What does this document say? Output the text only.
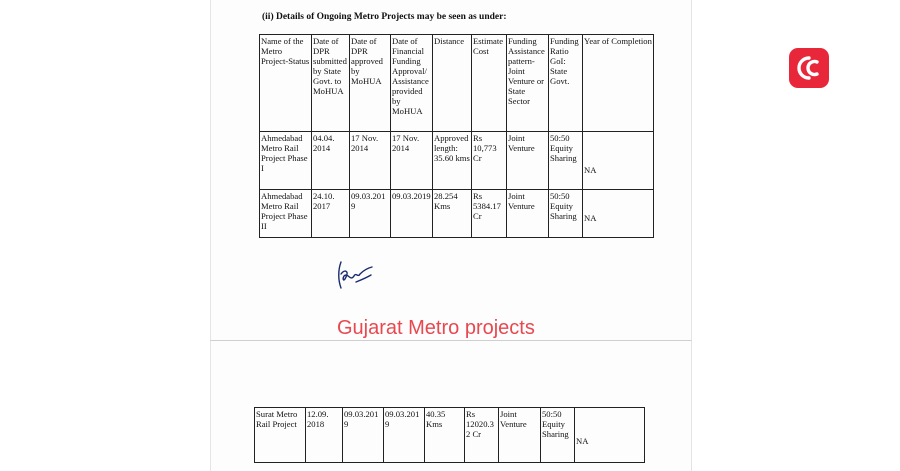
(ii) Details of Ongoing Metro Projects may be seen as under:
Name of the Metro Project-Status	Date of DPR submitted by State Govt. to MoHUA	Date of DPR approved by MoHUA	Date of Financial Funding Approval/ Assistance provided by MoHUA	Distance	Estimate Cost	Funding Assistance pattern- Joint Venture or State Sector	Funding Ratio GoI: State Govt.	Year of Completion
Ahmedabad Metro Rail Project Phase I	04.04. 2014	17 Nov. 2014	17 Nov. 2014	Approved length: 35.60 kms	Rs 10,773 Cr	Joint Venture	50:50 Equity Sharing	NA
Ahmedabad Metro Rail Project Phase II	24.10. 2017	09.03.2019	09.03.2019	28.254 Kms	Rs 5384.17 Cr	Joint Venture	50:50 Equity Sharing	NA
Gujarat Metro projects
Surat Metro Rail Project	12.09. 2018	09.03.2019	09.03.2019	40.35 Kms	Rs 12020.32 Cr	Joint Venture	50:50 Equity Sharing	NA
